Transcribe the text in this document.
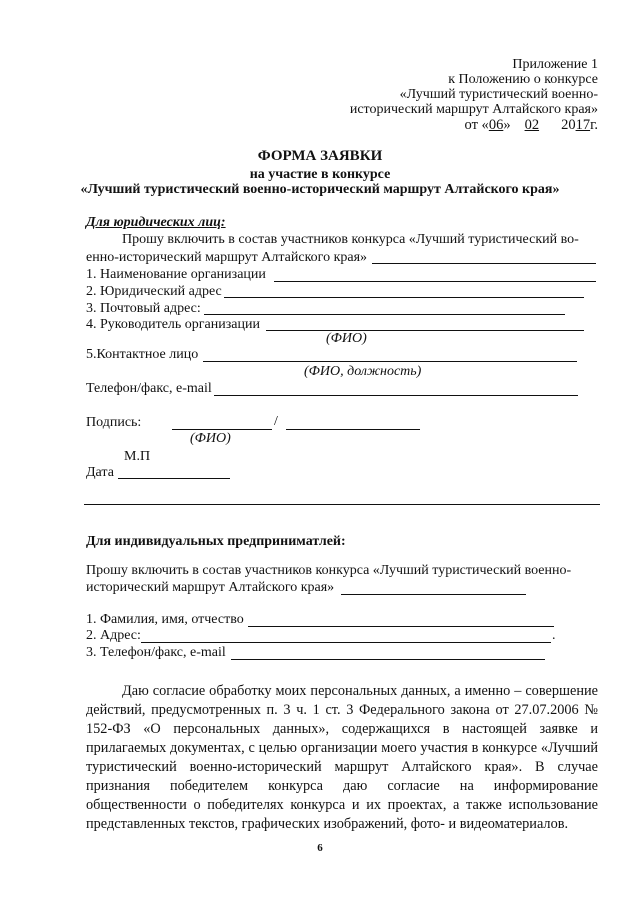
Приложение 1
к Положению о конкурсе
«Лучший туристический военно-
исторический маршрут Алтайского края»
от «06» 02 2017г.
ФОРМА ЗАЯВКИ
на участие в конкурсе
«Лучший туристический военно-исторический маршрут Алтайского края»
Для юридических лиц:
Прошу включить в состав участников конкурса «Лучший туристический во-
енно-исторический маршрут Алтайского края»
1. Наименование организации
2. Юридический адрес
3. Почтовый адрес:
4. Руководитель организации
(ФИО)
5.Контактное лицо
(ФИО, должность)
Телефон/факс, e-mail
Подпись:	/
(ФИО)
М.П
Дата
Для индивидуальных предприниматлей:
Прошу включить в состав участников конкурса «Лучший туристический военно-
исторический маршрут Алтайского края»
1. Фамилия, имя, отчество
2. Адрес:	.
3. Телефон/факс, e-mail
Даю согласие обработку моих персональных данных, а именно – совершение действий, предусмотренных п. 3 ч. 1 ст. 3 Федерального закона от 27.07.2006 № 152-ФЗ «О персональных данных», содержащихся в настоящей заявке и прилагаемых документах, с целью организации моего участия в конкурсе «Лучший туристический военно-исторический маршрут Алтайского края». В случае признания победителем конкурса даю согласие на информирование общественности о победителях конкурса и их проектах, а также использование представленных текстов, графических изображений, фото- и видеоматериалов.
6
